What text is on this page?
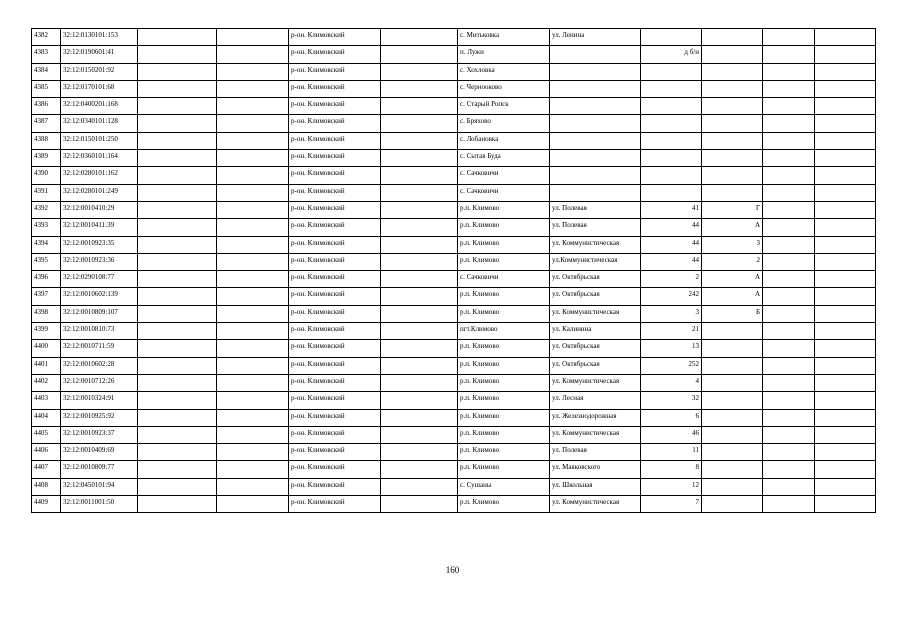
4382	32:12:0130101:153			р-он. Климовский		с. Митьковка	ул. Ленина				
4383	32:12:0190601:41			р-он. Климовский		п. Лужи		д б/н			
4384	32:12:0150201:92			р-он. Климовский		с. Хохловка					
4385	32:12:0170101:68			р-он. Климовский		с. Чернооково					
4386	32:12:0400201:168			р-он. Климовский		с. Старый Ропск					
4387	32:12:0340101:128			р-он. Климовский		с. Бряхово					
4388	32:12:0150101:250			р-он. Климовский		с. Лобановка					
4389	32:12:0360101:164			р-он. Климовский		с. Сытая Буда					
4390	32:12:0280101:162			р-он. Климовский		с. Сачковичи					
4391	32:12:0280101:249			р-он. Климовский		с. Сачковичи					
4392	32:12:0010410:29			р-он. Климовский		р.п. Климово	ул. Полевая	41	Г		
4393	32:12:0010411:39			р-он. Климовский		р.п. Климово	ул. Полевая	44	А		
4394	32:12:0010923:35			р-он. Климовский		р.п. Климово	ул. Коммунистическая	44	3		
4395	32:12:0010923:36			р-он. Климовский		р.п. Климово	ул.Коммунистическая	44	2		
4396	32:12:0290108:77			р-он. Климовский		с. Сачковичи	ул. Октябрьская	2	А		
4397	32:12:0010602:139			р-он. Климовский		р.п. Климово	ул. Октябрьская	242	А		
4398	32:12:0010809:107			р-он. Климовский		р.п. Климово	ул. Коммунистическая	3	Б		
4399	32:12:0010810:73			р-он. Климовский		пгт.Климово	ул. Калинина	21			
4400	32:12:0010711:59			р-он. Климовский		р.п. Климово	ул. Октябрьская	13			
4401	32:12:0010602:28			р-он. Климовский		р.п. Климово	ул. Октябрьская	252			
4402	32:12:0010712:26			р-он. Климовский		р.п. Климово	ул. Коммунистическая	4			
4403	32:12:0010324:91			р-он. Климовский		р.п. Климово	ул. Лесная	32			
4404	32:12:0010925:92			р-он. Климовский		р.п. Климово	ул. Железнодорожная	6			
4405	32:12:0010923:37			р-он. Климовский		р.п. Климово	ул. Коммунистическая	46			
4406	32:12:0010409:69			р-он. Климовский		р.п. Климово	ул. Полевая	11			
4407	32:12:0010809:77			р-он. Климовский		р.п. Климово	ул. Маяковского	8			
4408	32:12:0450101:94			р-он. Климовский		с. Сушаны	ул. Школьная	12			
4409	32:12:0011001:50			р-он. Климовский		р.п. Климово	ул. Коммунистическая	7			
160
